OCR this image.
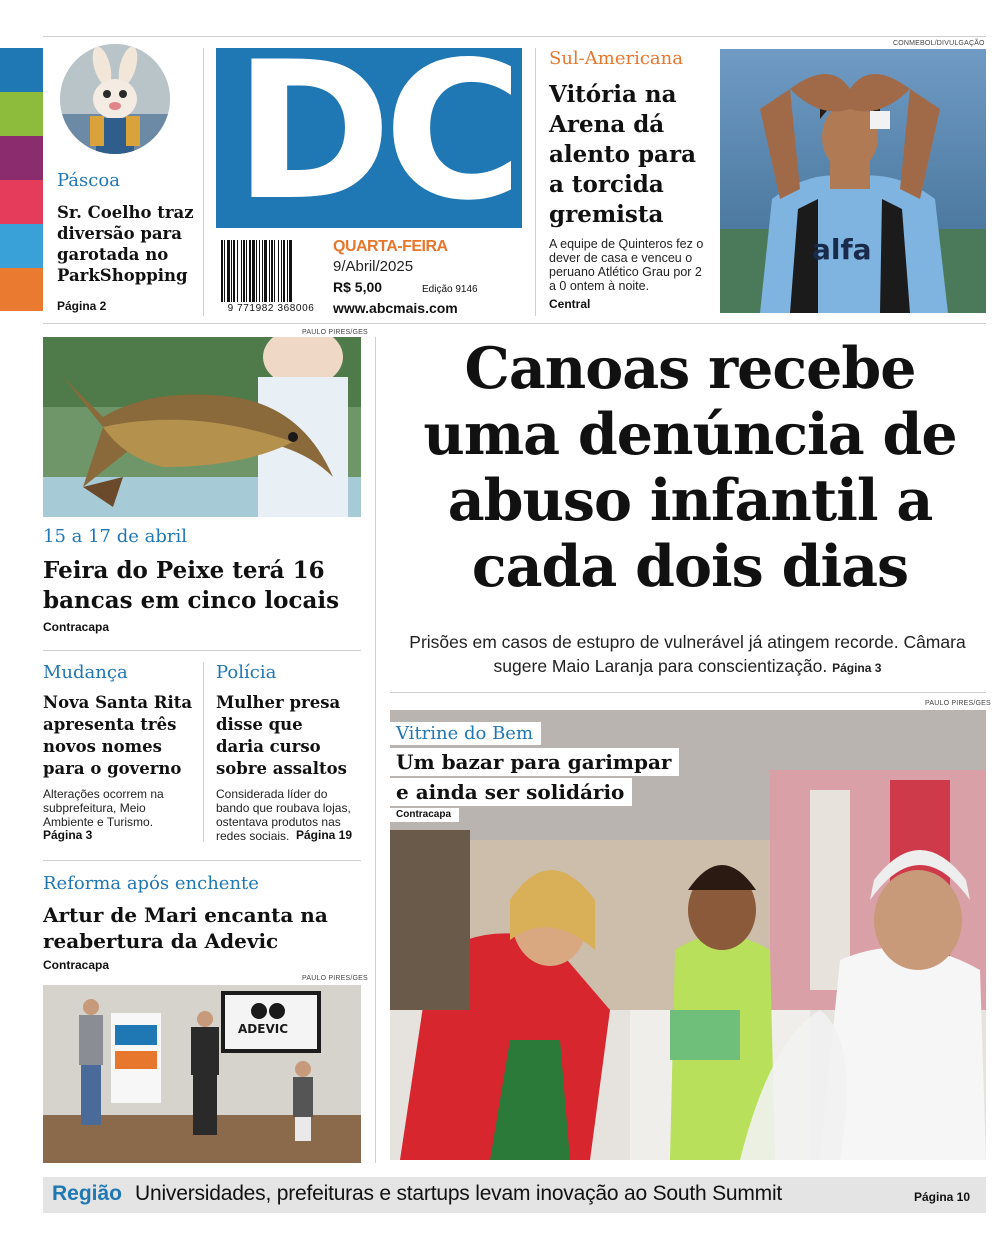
Páscoa
Sr. Coelho traz diversão para garotada no ParkShopping
Página 2
DC
9 771982 368006
QUARTA-FEIRA
9/Abril/2025
R$ 5,00	Edição 9146
www.abcmais.com
Sul-Americana
Vitória na Arena dá alento para a torcida gremista
A equipe de Quinteros fez o dever de casa e venceu o peruano Atlético Grau por 2 a 0 ontem à noite.
Central
CONMEBOL/DIVULGAÇÃO
alfa
PAULO PIRES/GES
15 a 17 de abril
Feira do Peixe terá 16 bancas em cinco locais
Contracapa
Mudança
Nova Santa Rita apresenta três novos nomes para o governo
Alterações ocorrem na subprefeitura, Meio Ambiente e Turismo.
Página 3
Polícia
Mulher presa disse que daria curso sobre assaltos
Considerada líder do bando que roubava lojas, ostentava produtos nas redes sociais. Página 19
Reforma após enchente
Artur de Mari encanta na reabertura da Adevic
Contracapa
PAULO PIRES/GES
ADEVIC
Canoas recebe uma denúncia de abuso infantil a cada dois dias
Prisões em casos de estupro de vulnerável já atingem recorde. Câmara sugere Maio Laranja para conscientização. Página 3
PAULO PIRES/GES
Vitrine do Bem
Um bazar para garimpar
e ainda ser solidário
Contracapa
Região Universidades, prefeituras e startups levam inovação ao South Summit	Página 10
